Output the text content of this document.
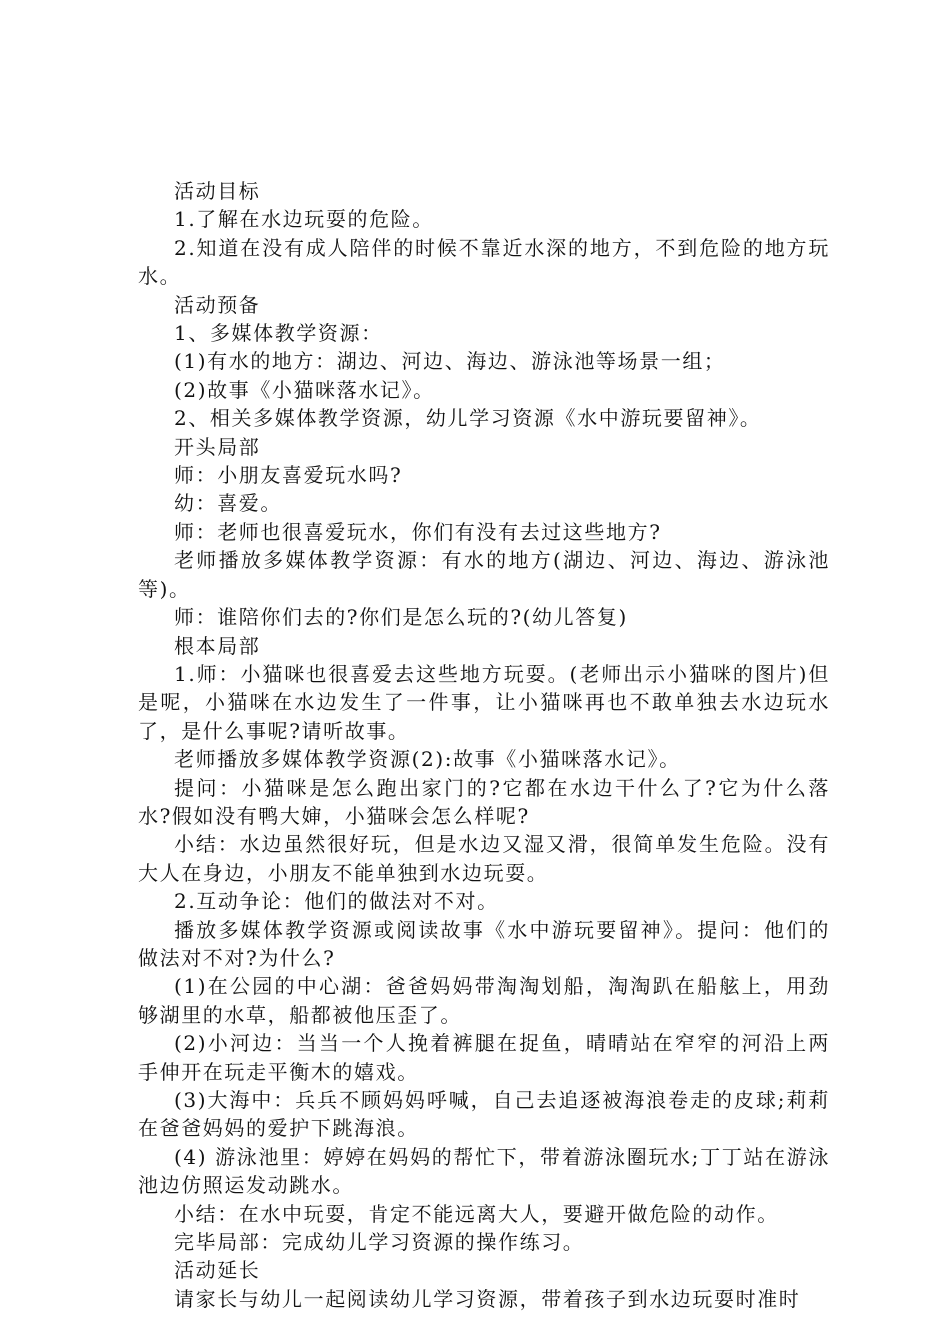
活动目标

1.了解在水边玩耍的危险。

2.知道在没有成人陪伴的时候不靠近水深的地方，不到危险的地方玩水。

活动预备

1、多媒体教学资源：

(1)有水的地方：湖边、河边、海边、游泳池等场景一组；

(2)故事《小猫咪落水记》。

2、相关多媒体教学资源，幼儿学习资源《水中游玩要留神》。

开头局部

师：小朋友喜爱玩水吗?

幼：喜爱。

师：老师也很喜爱玩水，你们有没有去过这些地方?

老师播放多媒体教学资源：有水的地方(湖边、河边、海边、游泳池等)。

师：谁陪你们去的?你们是怎么玩的?(幼儿答复)

根本局部

1.师：小猫咪也很喜爱去这些地方玩耍。(老师出示小猫咪的图片)但是呢，小猫咪在水边发生了一件事，让小猫咪再也不敢单独去水边玩水了，是什么事呢?请听故事。

老师播放多媒体教学资源(2):故事《小猫咪落水记》。

提问：小猫咪是怎么跑出家门的?它都在水边干什么了?它为什么落水?假如没有鸭大婶，小猫咪会怎么样呢?

小结：水边虽然很好玩，但是水边又湿又滑，很简单发生危险。没有大人在身边，小朋友不能单独到水边玩耍。

2.互动争论：他们的做法对不对。

播放多媒体教学资源或阅读故事《水中游玩要留神》。提问：他们的做法对不对?为什么?

(1)在公园的中心湖：爸爸妈妈带淘淘划船，淘淘趴在船舷上，用劲够湖里的水草，船都被他压歪了。

(2)小河边：当当一个人挽着裤腿在捉鱼，晴晴站在窄窄的河沿上两手伸开在玩走平衡木的嬉戏。

(3)大海中：兵兵不顾妈妈呼喊，自己去追逐被海浪卷走的皮球;莉莉在爸爸妈妈的爱护下跳海浪。

(4) 游泳池里：婷婷在妈妈的帮忙下，带着游泳圈玩水;丁丁站在游泳池边仿照运发动跳水。

小结：在水中玩耍，肯定不能远离大人，要避开做危险的动作。

完毕局部：完成幼儿学习资源的操作练习。

活动延长

请家长与幼儿一起阅读幼儿学习资源，带着孩子到水边玩耍时准时
